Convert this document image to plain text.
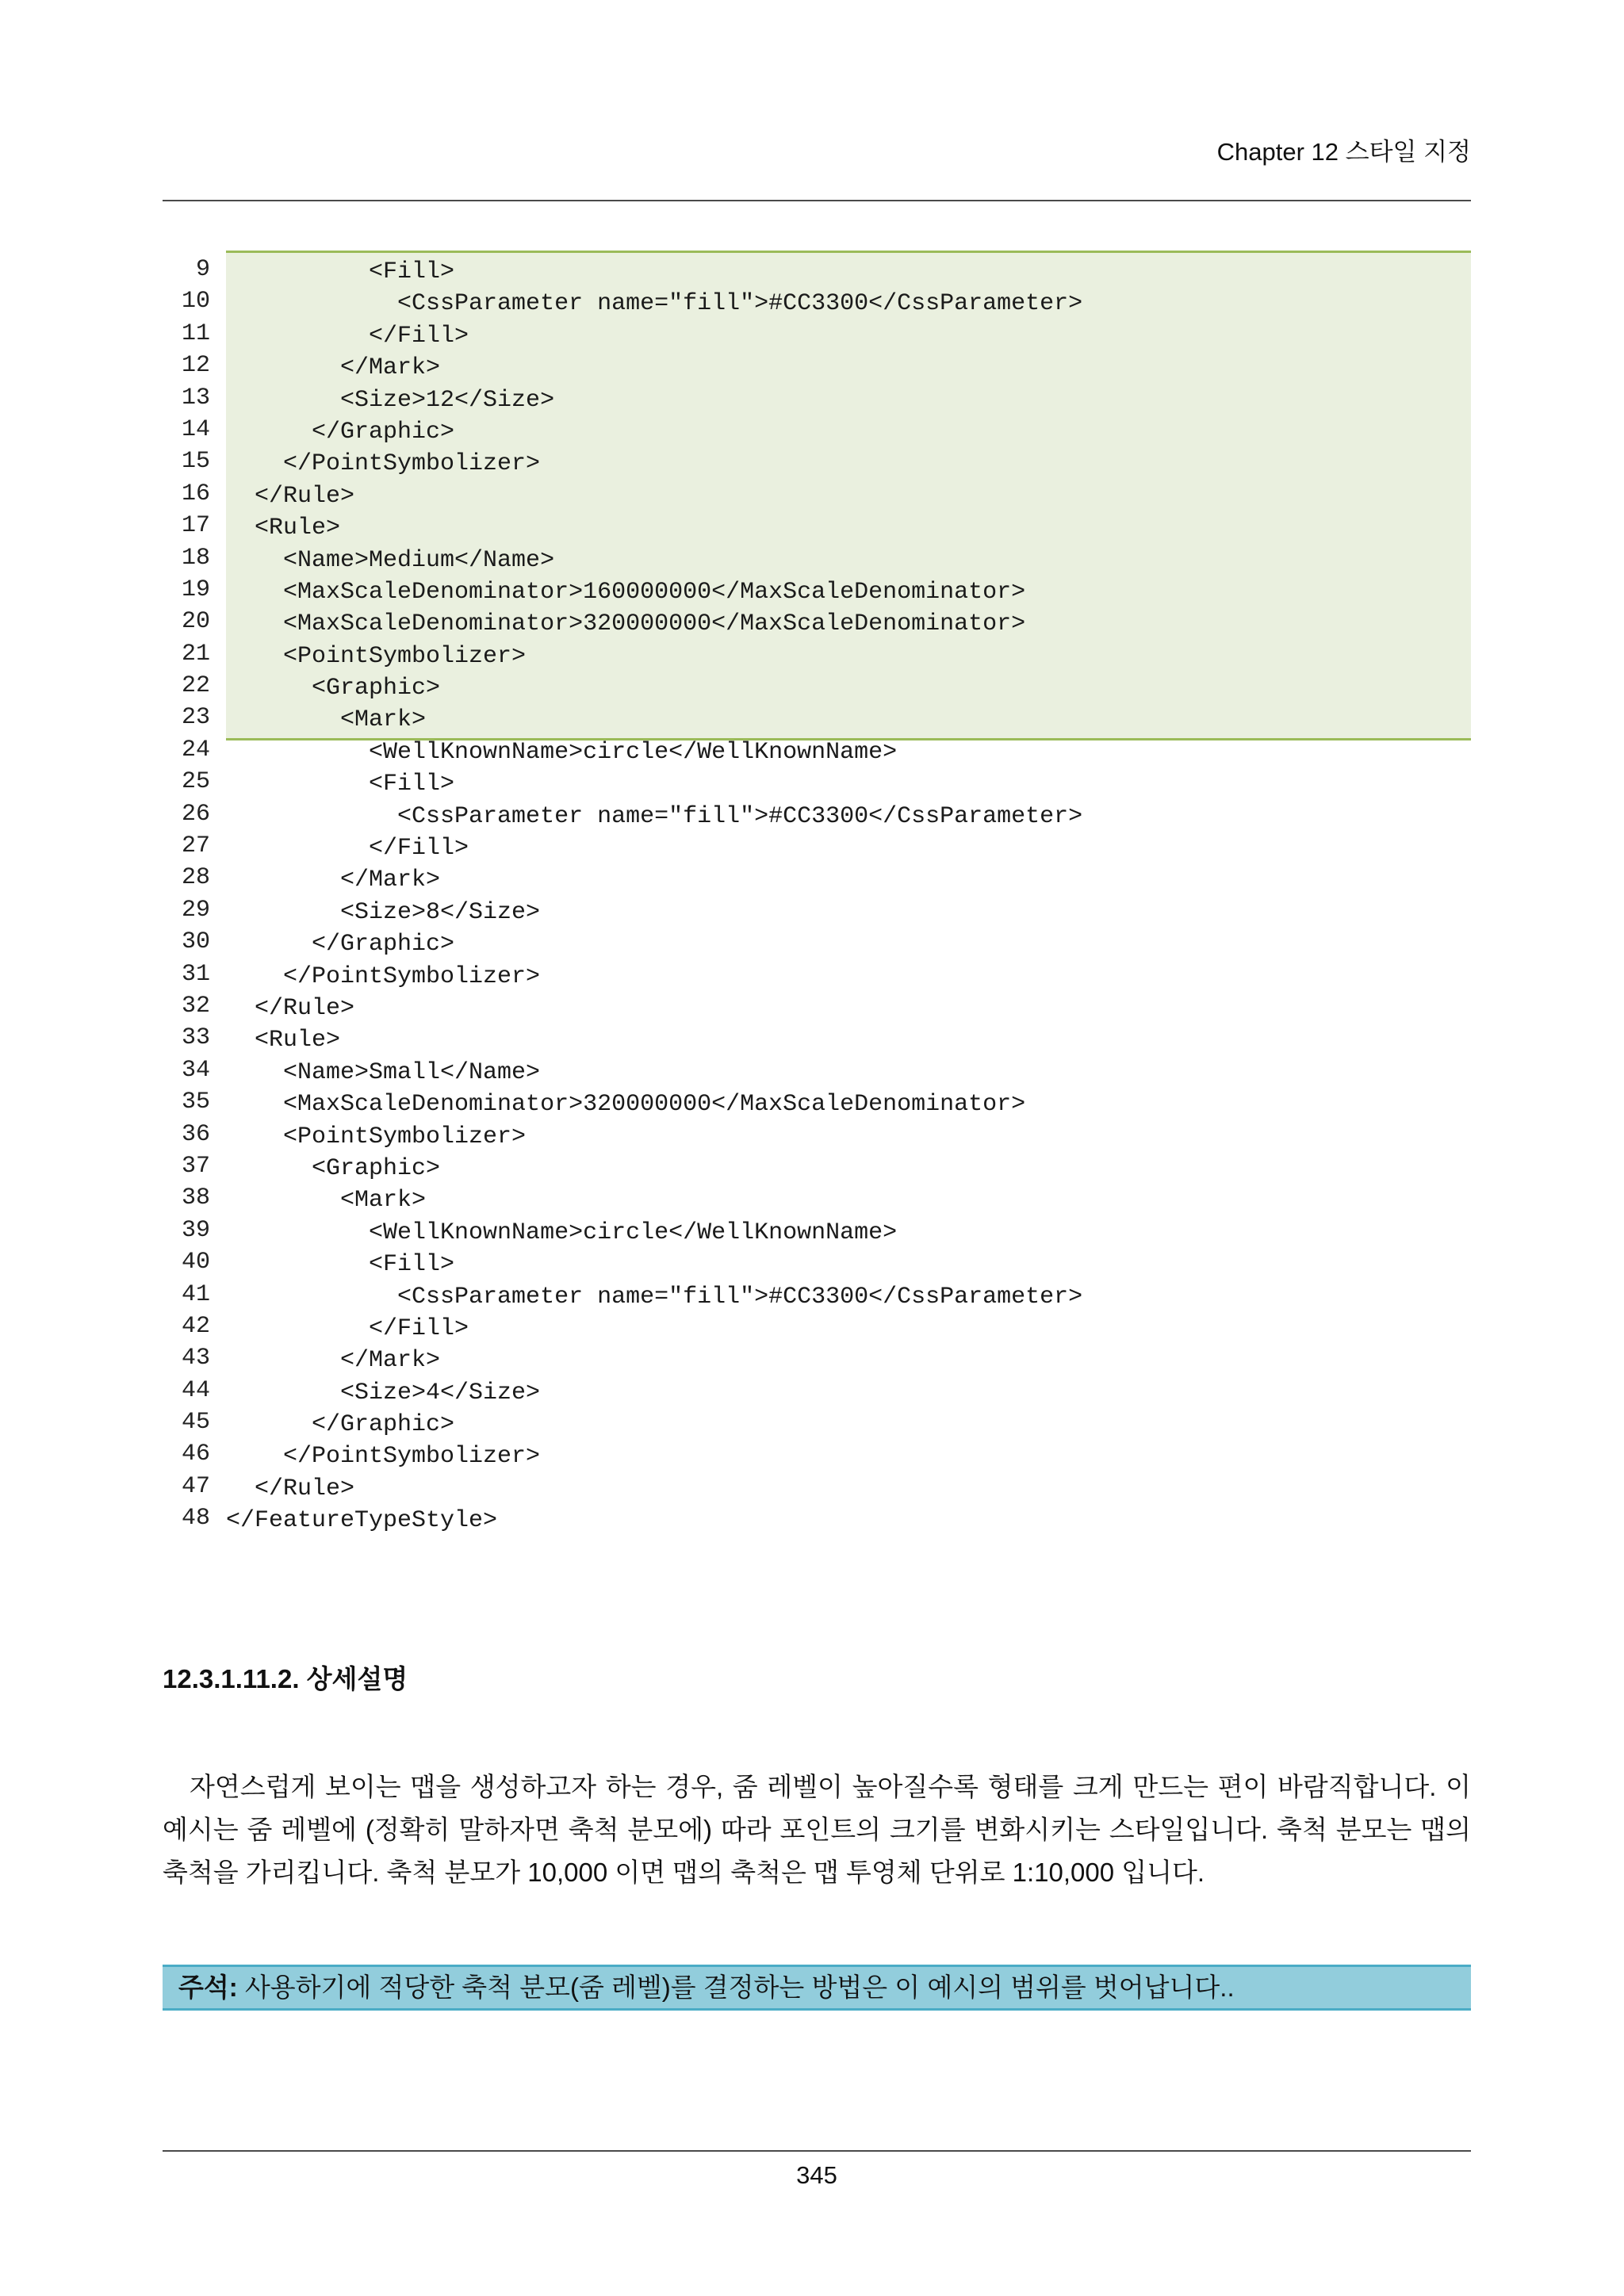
Chapter 12 스타일 지정
9
10
11
12
13
14
15
16
17
18
19
20
21
22
23
24
25
26
27
28
29
30
31
32
33
34
35
36
37
38
39
40
41
42
43
44
45
46
47
48
<Fill>
<CssParameter name="fill">#CC3300</CssParameter>
</Fill>
</Mark>
<Size>12</Size>
</Graphic>
</PointSymbolizer>
</Rule>
<Rule>
<Name>Medium</Name>
<MaxScaleDenominator>160000000</MaxScaleDenominator>
<MaxScaleDenominator>320000000</MaxScaleDenominator>
<PointSymbolizer>
<Graphic>
<Mark>
<WellKnownName>circle</WellKnownName>
<Fill>
<CssParameter name="fill">#CC3300</CssParameter>
</Fill>
</Mark>
<Size>8</Size>
</Graphic>
</PointSymbolizer>
</Rule>
<Rule>
<Name>Small</Name>
<MaxScaleDenominator>320000000</MaxScaleDenominator>
<PointSymbolizer>
<Graphic>
<Mark>
<WellKnownName>circle</WellKnownName>
<Fill>
<CssParameter name="fill">#CC3300</CssParameter>
</Fill>
</Mark>
<Size>4</Size>
</Graphic>
</PointSymbolizer>
</Rule>
</FeatureTypeStyle>
12.3.1.11.2. 상세설명
자연스럽게 보이는 맵을 생성하고자 하는 경우, 줌 레벨이 높아질수록 형태를 크게 만드는 편이 바람직합니다. 이 예시는 줌 레벨에 (정확히 말하자면 축척 분모에) 따라 포인트의 크기를 변화시키는 스타일입니다. 축척 분모는 맵의 축척을 가리킵니다. 축척 분모가 10,000 이면 맵의 축척은 맵 투영체 단위로 1:10,000 입니다.
주석: 사용하기에 적당한 축척 분모(줌 레벨)를 결정하는 방법은 이 예시의 범위를 벗어납니다..
345
